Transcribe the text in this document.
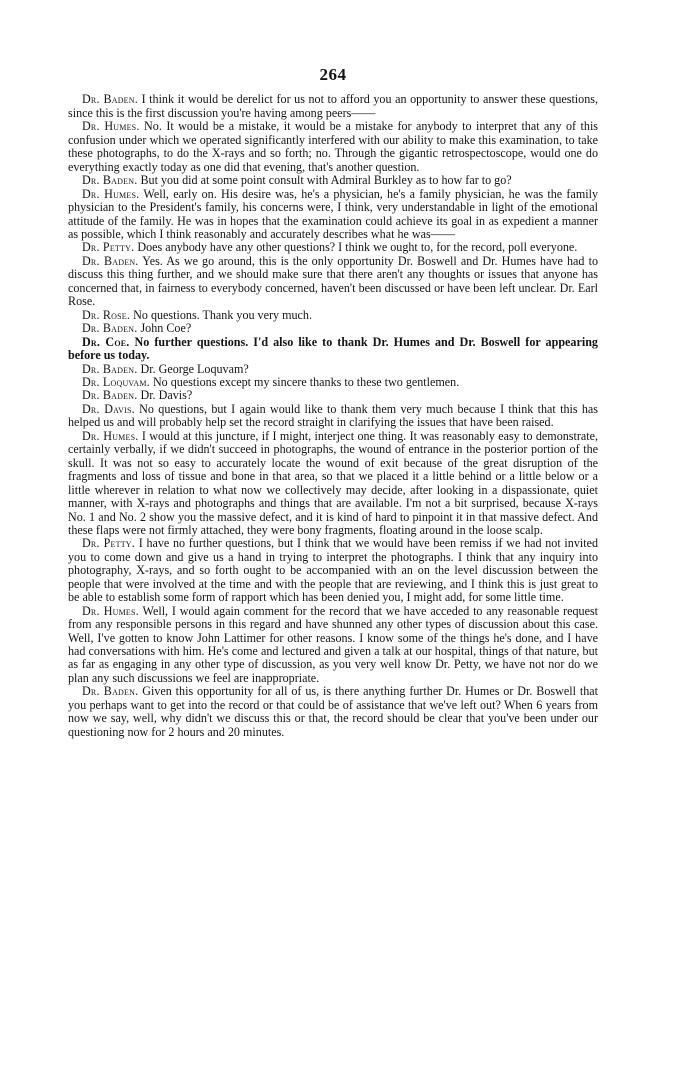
264

Dr. Baden. I think it would be derelict for us not to afford you an opportunity to answer these questions, since this is the first discussion you're having among peers——

Dr. Humes. No. It would be a mistake, it would be a mistake for anybody to interpret that any of this confusion under which we operated significantly interfered with our ability to make this examination, to take these photographs, to do the X-rays and so forth; no. Through the gigantic retrospectoscope, would one do everything exactly today as one did that evening, that's another question.

Dr. Baden. But you did at some point consult with Admiral Burkley as to how far to go?

Dr. Humes. Well, early on. His desire was, he's a physician, he's a family physician, he was the family physician to the President's family, his concerns were, I think, very understandable in light of the emotional attitude of the family. He was in hopes that the examination could achieve its goal in as expedient a manner as possible, which I think reasonably and accurately describes what he was——

Dr. Petty. Does anybody have any other questions? I think we ought to, for the record, poll everyone.

Dr. Baden. Yes. As we go around, this is the only opportunity Dr. Boswell and Dr. Humes have had to discuss this thing further, and we should make sure that there aren't any thoughts or issues that anyone has concerned that, in fairness to everybody concerned, haven't been discussed or have been left unclear. Dr. Earl Rose.

Dr. Rose. No questions. Thank you very much.

Dr. Baden. John Coe?

Dr. Coe. No further questions. I'd also like to thank Dr. Humes and Dr. Boswell for appearing before us today.

Dr. Baden. Dr. George Loquvam?

Dr. Loquvam. No questions except my sincere thanks to these two gentlemen.

Dr. Baden. Dr. Davis?

Dr. Davis. No questions, but I again would like to thank them very much because I think that this has helped us and will probably help set the record straight in clarifying the issues that have been raised.

Dr. Humes. I would at this juncture, if I might, interject one thing. It was reasonably easy to demonstrate, certainly verbally, if we didn't succeed in photographs, the wound of entrance in the posterior portion of the skull. It was not so easy to accurately locate the wound of exit because of the great disruption of the fragments and loss of tissue and bone in that area, so that we placed it a little behind or a little below or a little wherever in relation to what now we collectively may decide, after looking in a dispassionate, quiet manner, with X-rays and photographs and things that are available. I'm not a bit surprised, because X-rays No. 1 and No. 2 show you the massive defect, and it is kind of hard to pinpoint it in that massive defect. And these flaps were not firmly attached, they were bony fragments, floating around in the loose scalp.

Dr. Petty. I have no further questions, but I think that we would have been remiss if we had not invited you to come down and give us a hand in trying to interpret the photographs. I think that any inquiry into photography, X-rays, and so forth ought to be accompanied with an on the level discussion between the people that were involved at the time and with the people that are reviewing, and I think this is just great to be able to establish some form of rapport which has been denied you, I might add, for some little time.

Dr. Humes. Well, I would again comment for the record that we have acceded to any reasonable request from any responsible persons in this regard and have shunned any other types of discussion about this case. Well, I've gotten to know John Lattimer for other reasons. I know some of the things he's done, and I have had conversations with him. He's come and lectured and given a talk at our hospital, things of that nature, but as far as engaging in any other type of discussion, as you very well know Dr. Petty, we have not nor do we plan any such discussions we feel are inappropriate.

Dr. Baden. Given this opportunity for all of us, is there anything further Dr. Humes or Dr. Boswell that you perhaps want to get into the record or that could be of assistance that we've left out? When 6 years from now we say, well, why didn't we discuss this or that, the record should be clear that you've been under our questioning now for 2 hours and 20 minutes.
